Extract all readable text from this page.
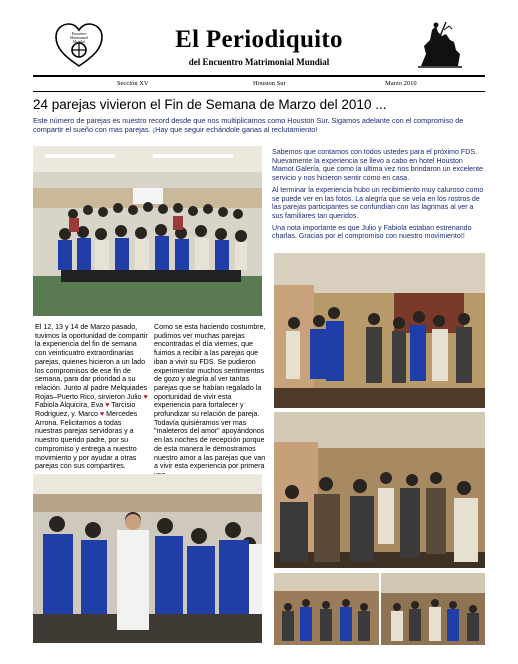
Encuentro
Matrimonial
Mundial	El Periodiquito
del Encuentro Matrimonial Mundial
Sección XV	Houston Sur	Marzo 2010
24 parejas vivieron el Fin de Semana de Marzo del 2010 ...
Este número de parejas es nuestro record desde que nos multiplicamos como Houston Sur. Sigamos adelante con el compromiso de compartir el sueño con mas parejas. ¡Hay que seguir echándole ganas al reclutamiento!
El 12, 13 y 14 de Marzo pasado, tuvimos la oportunidad de compartir la experiencia del fin de semana con veinticuatro extraordinarias parejas, quienes hicieron a un lado los compromisos de ese fin de semana, para dar prioridad a su relación. Junto al padre Melquiades Rojas–Puerto Rico, sirvieron Julio ♥ Fabiola Alquicira, Eva ♥ Tarcisio Rodriguez, y. Marco ♥ Mercedes Arrona. Felicitamos a todas nuestras parejas servidoras y a nuestro querido padre, por su compromiso y entrega a nuestro movimiento y por ayudar a otras parejas con sus compartires.
Como se esta haciendo costumbre, pudimos ver muchas parejas encontradas el día viernes, que fuimos a recibir a las parejas que iban a vivir su FDS. Se pudieron experimentar muchos sentimientos de gozo y alegría al ver tantas parejas que se habían regalado la oportunidad de vivir esta experiencia para fortalecer y profundizar su relación de pareja. Todavía quisiéramos ver mas "maleteros del amor" apoyándonos en las noches de recepción porque de esta manera le demostramos nuestro amor a las parejas que van a vivir esta experiencia por primera

Sabemos que contamos con todos ustedes para el próximo FDS. Nuevamente la experiencia se llevo a cabo en hotel Houston Mamot Galería, que como la ultima vez nos brindaron un excelente servicio y nos hicieron sentir como en casa.

Al terminar la experiencia hubo un recibimiento muy caluroso como se puede ver en las fotos. La alegría que se veía en los rostros de las parejas participantes se confundían con las lagrimas al ver a sus familiares tan queridos.

Una nota importante es que Julio y Fabiola estaban estrenando charlas. Gracias por el compromiso con nuestro movimiento!!
